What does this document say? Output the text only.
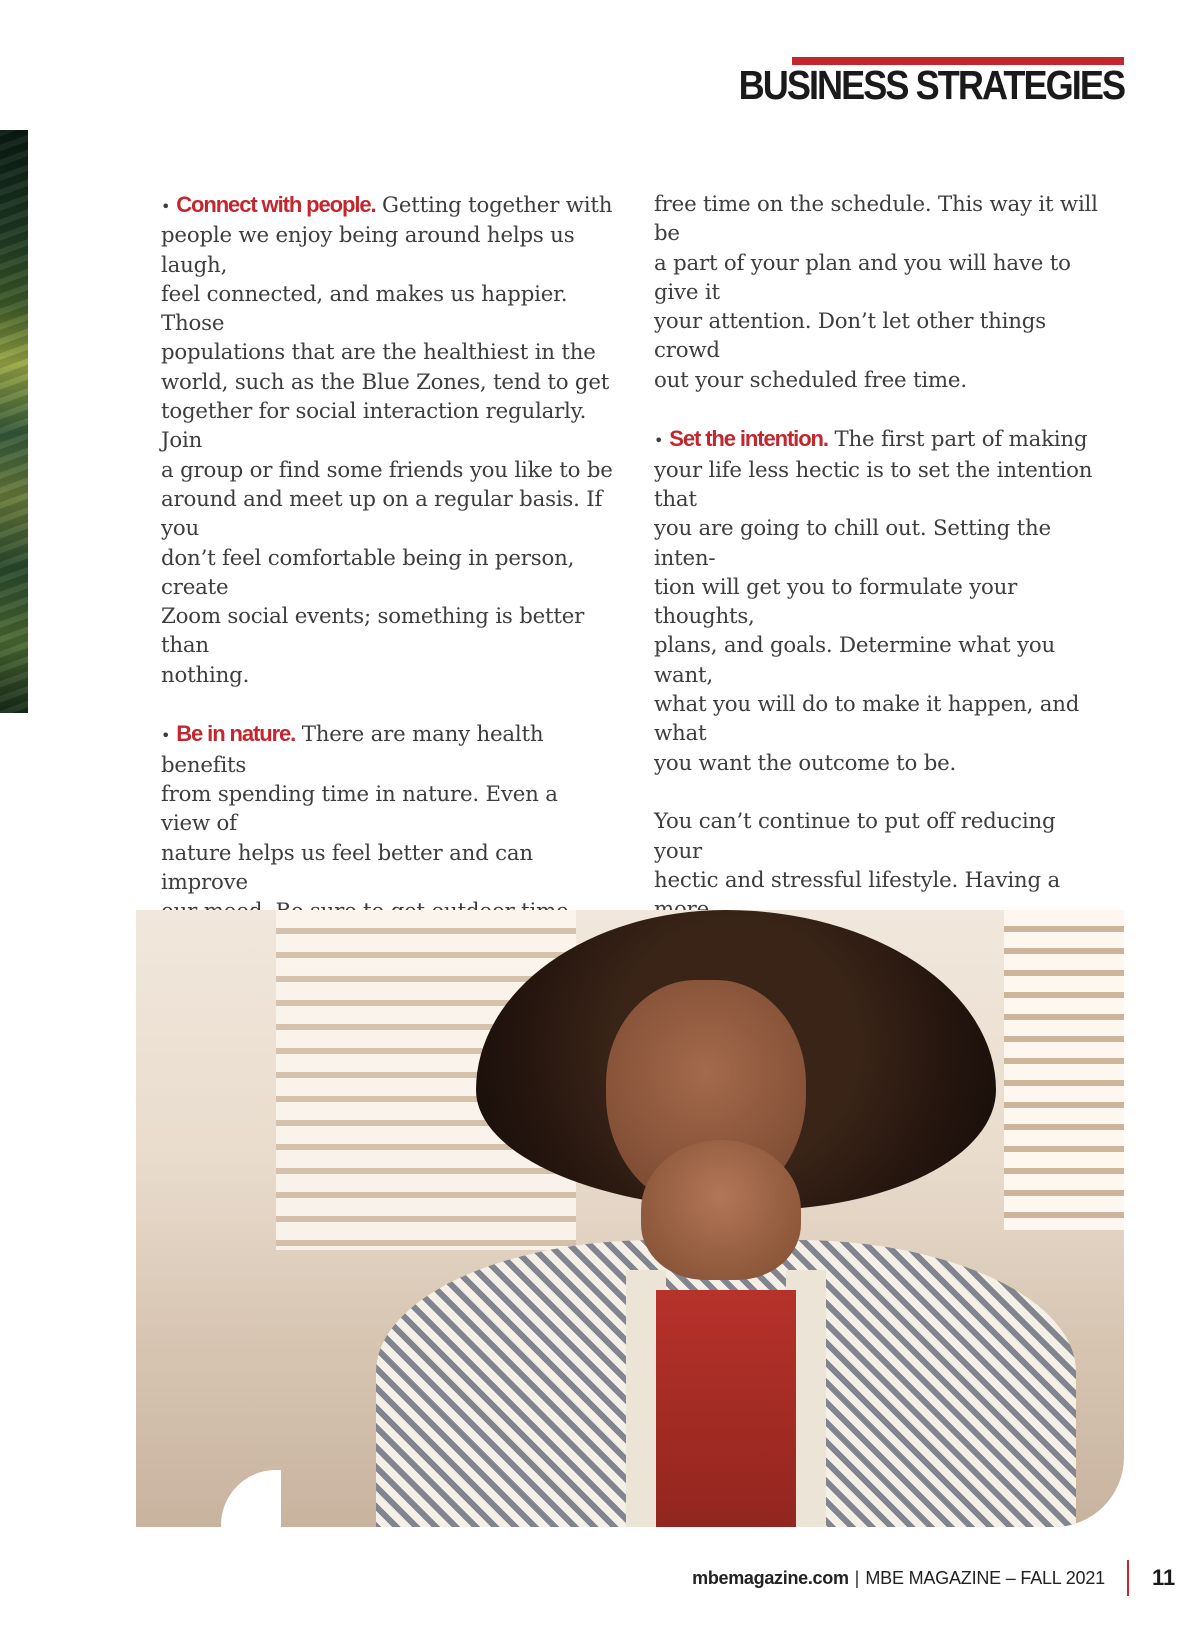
BUSINESS STRATEGIES

• Connect with people. Getting together with
people we enjoy being around helps us laugh,
feel connected, and makes us happier. Those
populations that are the healthiest in the
world, such as the Blue Zones, tend to get
together for social interaction regularly. Join
a group or find some friends you like to be
around and meet up on a regular basis. If you
don’t feel comfortable being in person, create
Zoom social events; something is better than
nothing.

• Be in nature. There are many health benefits
from spending time in nature. Even a view of
nature helps us feel better and can improve

free time on the schedule. This way it will be
a part of your plan and you will have to give it
your attention. Don’t let other things crowd
out your scheduled free time.

• Set the intention. The first part of making
your life less hectic is to set the intention that
you are going to chill out. Setting the inten-
tion will get you to formulate your thoughts,
plans, and goals. Determine what you want,
what you will do to make it happen, and what
you want the outcome to be.

You can’t continue to put off reducing your
hectic and stressful lifestyle. Having a

mbemagazine.com | MBE MAGAZINE – FALL 2021 11
